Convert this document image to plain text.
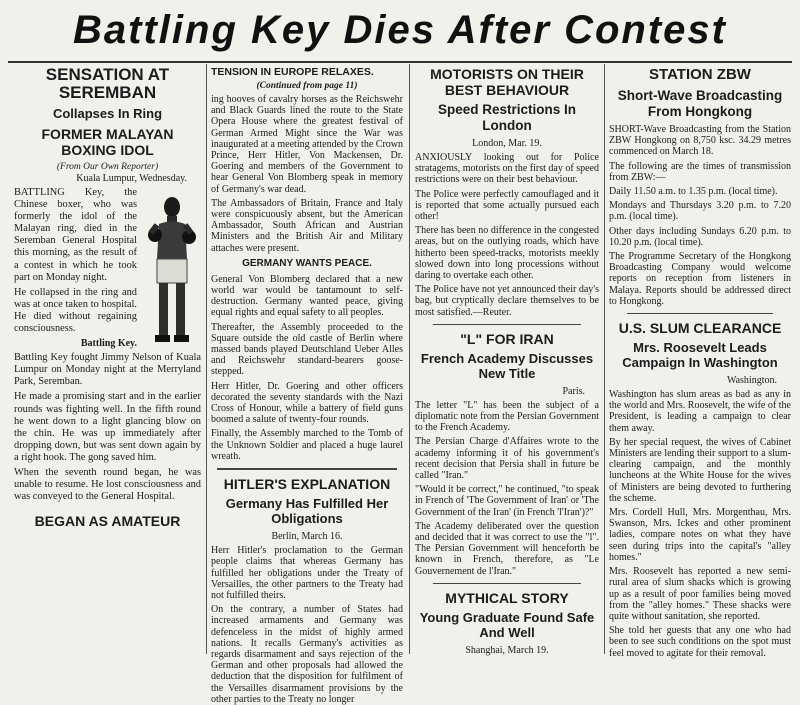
Battling Key Dies After Contest
SENSATION AT SEREMBAN
Collapses In Ring
FORMER MALAYAN BOXING IDOL
(From Our Own Reporter)
Kuala Lumpur, Wednesday.

BATTLING Key, the Chinese boxer, who was formerly the idol of the Malayan ring, died in the Seremban General Hospital this morning, as the result of a contest in which he took part on Monday night.

He collapsed in the ring and was at once taken to hospital. He died without regaining consciousness.

Battling Key.

Battling Key fought Jimmy Nelson of Kuala Lumpur on Monday night at the Merryland Park, Seremban.

He made a promising start and in the earlier rounds was fighting well. In the fifth round he went down to a light glancing blow on the chin. He was up immediately after dropping down, but was sent down again by a right hook. The gong saved him.

When the seventh round began, he was unable to resume. He lost consciousness and was conveyed to the General Hospital.

BEGAN AS AMATEUR
TENSION IN EUROPE RELAXES.
(Continued from page 11)

ing hooves of cavalry horses as the Reichswehr and Black Guards lined the route to the State Opera House where the greatest festival of German Armed Might since the War was inaugurated at a meeting attended by the Crown Prince, Herr Hitler, Von Mackensen, Dr. Goering and members of the Government to hear General Von Blomberg speak in memory of Germany's war dead.

The Ambassadors of Britain, France and Italy were conspicuously absent, but the American Ambassador, South African and Austrian Ministers and the British Air and Military attaches were present.

GERMANY WANTS PEACE.

General Von Blomberg declared that a new world war would be tantamount to self-destruction. Germany wanted peace, giving equal rights and equal safety to all peoples.

Thereafter, the Assembly proceeded to the Square outside the old castle of Berlin where massed bands played Deutschland Ueber Alles and Reichswehr standard-bearers goose-stepped.

Herr Hitler, Dr. Goering and other officers decorated the seventy standards with the Nazi Cross of Honour, while a battery of field guns boomed a salute of twenty-four rounds.

Finally, the Assembly marched to the Tomb of the Unknown Soldier and placed a huge laurel wreath.

HITLER'S EXPLANATION
Germany Has Fulfilled Her Obligations
Berlin, March 16.

Herr Hitler's proclamation to the German people claims that whereas Germany has fulfilled her obligations under the Treaty of Versailles, the other partners to the Treaty had not fulfilled theirs.

On the contrary, a number of States had increased armaments and Germany was defenceless in the midst of highly armed nations. It recalls Germany's activities as regards disarmament and says rejection of the German and other proposals had allowed the deduction that the disposition for fulfilment of the Versailles disarmament provisions by the other parties to the Treaty no longer

MOTORISTS ON THEIR BEST BEHAVIOUR
Speed Restrictions In London
London, Mar. 19.

ANXIOUSLY looking out for Police stratagems, motorists on the first day of speed restrictions were on their best behaviour.

The Police were perfectly camouflaged and it is reported that some actually pursued each other!

There has been no difference in the congested areas, but on the outlying roads, which have hitherto been speed-tracks, motorists meekly slowed down into long processions without daring to overtake each other.

The Police have not yet announced their day's bag, but cryptically declare themselves to be most satisfied.—Reuter.

"L" FOR IRAN
French Academy Discusses New Title
Paris.

The letter "L" has been the subject of a diplomatic note from the Persian Government to the French Academy.

The Persian Charge d'Affaires wrote to the academy informing it of his government's recent decision that Persia shall in future be called "Iran."

"Would it be correct," he continued, "to speak in French of 'The Government of Iran' or 'The Government of the Iran' (in French 'l'Iran')?"

The Academy deliberated over the question and decided that it was correct to use the "l". The Persian Government will henceforth be known in French, therefore, as "Le Gouvernement de l'Iran."

MYTHICAL STORY
Young Graduate Found Safe And Well
Shanghai, March 19.
STATION ZBW
Short-Wave Broadcasting From Hongkong

SHORT-Wave Broadcasting from the Station ZBW Hongkong on 8,750 ksc. 34.29 metres commenced on March 18.

The following are the times of transmission from ZBW:—

Daily 11.50 a.m. to 1.35 p.m. (local time).

Mondays and Thursdays 3.20 p.m. to 7.20 p.m. (local time).

Other days including Sundays 6.20 p.m. to 10.20 p.m. (local time).

The Programme Secretary of the Hongkong Broadcasting Company would welcome reports on reception from listeners in Malaya. Reports should be addressed direct to Hongkong.

U.S. SLUM CLEARANCE
Mrs. Roosevelt Leads Campaign In Washington
Washington.

Washington has slum areas as bad as any in the world and Mrs. Roosevelt, the wife of the President, is leading a campaign to clear them away.

By her special request, the wives of Cabinet Ministers are lending their support to a slum-clearing campaign, and the monthly luncheons at the White House for the wives of Ministers are being devoted to furthering the scheme.

Mrs. Cordell Hull, Mrs. Morgenthau, Mrs. Swanson, Mrs. Ickes and other prominent ladies, compare notes on what they have seen during trips into the capital's "alley homes."

Mrs. Roosevelt has reported a new semi-rural area of slum shacks which is growing up as a result of poor families being moved from the "alley homes." These shacks were quite without sanitation, she reported.

She told her guests that any one who had been to see such conditions on the spot must feel moved to agitate for their removal.
